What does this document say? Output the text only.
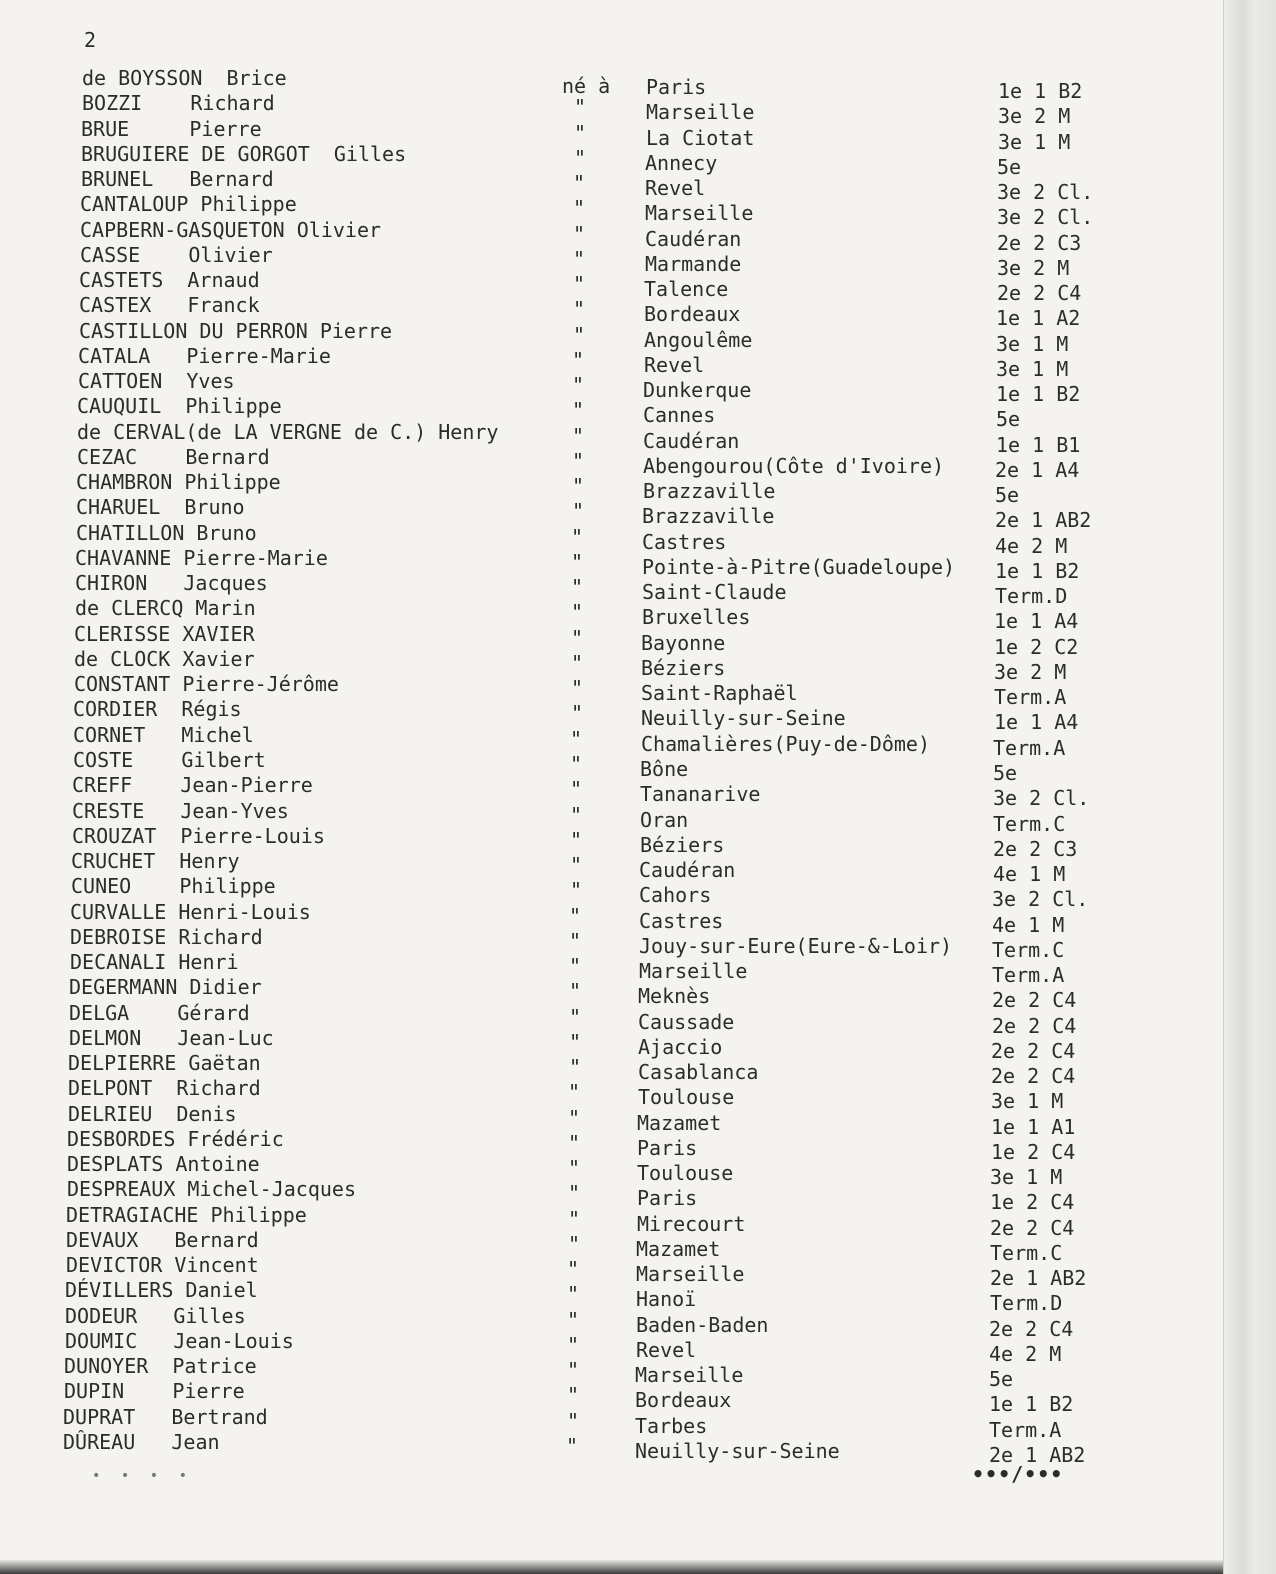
2
de BOYSSON  Brice	né à Paris	1e 1 B2
BOZZI    Richard	"	Marseille	3e 2 M
BRUE     Pierre	"	La Ciotat	3e 1 M
BRUGUIERE DE GORGOT  Gilles	"	Annecy	5e
BRUNEL   Bernard	"	Revel	3e 2 Cl.
CANTALOUP Philippe	"	Marseille	3e 2 Cl.
CAPBERN-GASQUETON Olivier	"	Caudéran	2e 2 C3
CASSE    Olivier	"	Marmande	3e 2 M
CASTETS  Arnaud	"	Talence	2e 2 C4
CASTEX   Franck	"	Bordeaux	1e 1 A2
CASTILLON DU PERRON Pierre	"	Angoulême	3e 1 M
CATALA   Pierre-Marie	"	Revel	3e 1 M
CATTOEN  Yves	"	Dunkerque	1e 1 B2
CAUQUIL  Philippe	"	Cannes	5e
de CERVAL(de LA VERGNE de C.) Henry	"	Caudéran	1e 1 B1
CEZAC    Bernard	"	Abengourou(Côte d'Ivoire)	2e 1 A4
CHAMBRON Philippe	"	Brazzaville	5e
CHARUEL  Bruno	"	Brazzaville	2e 1 AB2
CHATILLON Bruno	"	Castres	4e 2 M
CHAVANNE Pierre-Marie	"	Pointe-à-Pitre(Guadeloupe) 1e 1 B2
CHIRON   Jacques	"	Saint-Claude	Term.D
de CLERCQ Marin	"	Bruxelles	1e 1 A4
CLERISSE XAVIER	"	Bayonne	1e 2 C2
de CLOCK Xavier	"	Béziers	3e 2 M
CONSTANT Pierre-Jérôme	"	Saint-Raphaël	Term.A
CORDIER  Régis	"	Neuilly-sur-Seine	1e 1 A4
CORNET   Michel	"	Chamalières(Puy-de-Dôme)	Term.A
COSTE    Gilbert	"	Bône	5e
CREFF    Jean-Pierre	"	Tananarive	3e 2 Cl.
CRESTE   Jean-Yves	"	Oran	Term.C
CROUZAT  Pierre-Louis	"	Béziers	2e 2 C3
CRUCHET  Henry	"	Caudéran	4e 1 M
CUNEO    Philippe	"	Cahors	3e 2 Cl.
CURVALLE Henri-Louis	"	Castres	4e 1 M
DEBROISE Richard	"	Jouy-sur-Eure(Eure-&-Loir) Term.C
DECANALI Henri	"	Marseille	Term.A
DEGERMANN Didier	"	Meknès	2e 2 C4
DELGA    Gérard	"	Caussade	2e 2 C4
DELMON   Jean-Luc	"	Ajaccio	2e 2 C4
DELPIERRE Gaëtan	"	Casablanca	2e 2 C4
DELPONT  Richard	"	Toulouse	3e 1 M
DELRIEU  Denis	"	Mazamet	1e 1 A1
DESBORDES Frédéric	"	Paris	1e 2 C4
DESPLATS Antoine	"	Toulouse	3e 1 M
DESPREAUX Michel-Jacques	"	Paris	1e 2 C4
DETRAGIACHE Philippe	"	Mirecourt	2e 2 C4
DEVAUX   Bernard	"	Mazamet	Term.C
DEVICTOR Vincent	"	Marseille	2e 1 AB2
DÉVILLERS Daniel	"	Hanoï	Term.D
DODEUR   Gilles	"	Baden-Baden	2e 2 C4
DOUMIC   Jean-Louis	"	Revel	4e 2 M
DUNOYER  Patrice	"	Marseille	5e
DUPIN    Pierre	"	Bordeaux	1e 1 B2
DUPRAT   Bertrand	"	Tarbes	Term.A
DÛREAU   Jean	"	Neuilly-sur-Seine	2e 1 AB2
• • • •	•••/•••
